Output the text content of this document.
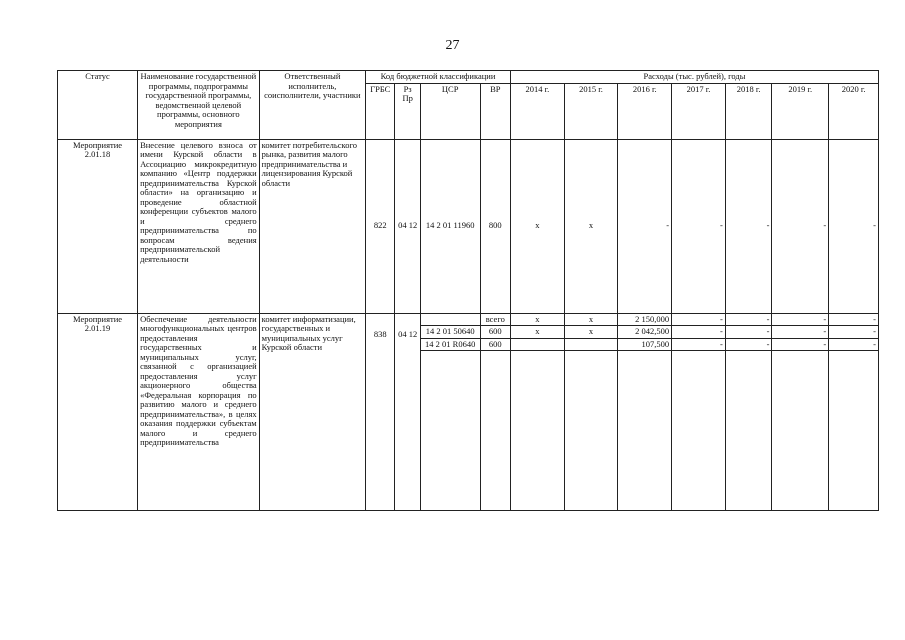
27
Статус	Наименование государственной программы, подпрограммы государственной программы, ведомственной целевой программы, основного мероприятия	Ответственный исполнитель, соисполнители, участники	Код бюджетной классификации				Расходы (тыс. рублей), годы						
			ГРБС	Рз Пр	ЦСР	ВР	2014 г.	2015 г.	2016 г.	2017 г.	2018 г.	2019 г.	2020 г.
Мероприятие 2.01.18	Внесение целевого взноса от имени Курской области в Ассоциацию микрокредитную компанию «Центр поддержки предпринимательства Курской области» на организацию и проведение областной конференции субъектов малого и среднего предпринимательства по вопросам ведения предпринимательской деятельности	комитет потребительского рынка, развития малого предпринимательства и лицензирования Курской области	822	04 12	14 2 01 11960	800	х	х	-	-	-	-	-
Мероприятие 2.01.19	Обеспечение деятельности многофункциональных центров предоставления государственных и муниципальных услуг, связанной с организацией предоставления услуг акционерного общества «Федеральная корпорация по развитию малого и среднего предпринимательства», в целях оказания поддержки субъектам малого и среднего предпринимательства	комитет информатизации, государственных и муниципальных услуг Курской области	838	04 12		всего	х	х	2 150,000	-	-	-	-
					14 2 01 50640	600	х	х	2 042,500	-	-	-	-
					14 2 01 R0640	600			107,500	-	-	-	-
